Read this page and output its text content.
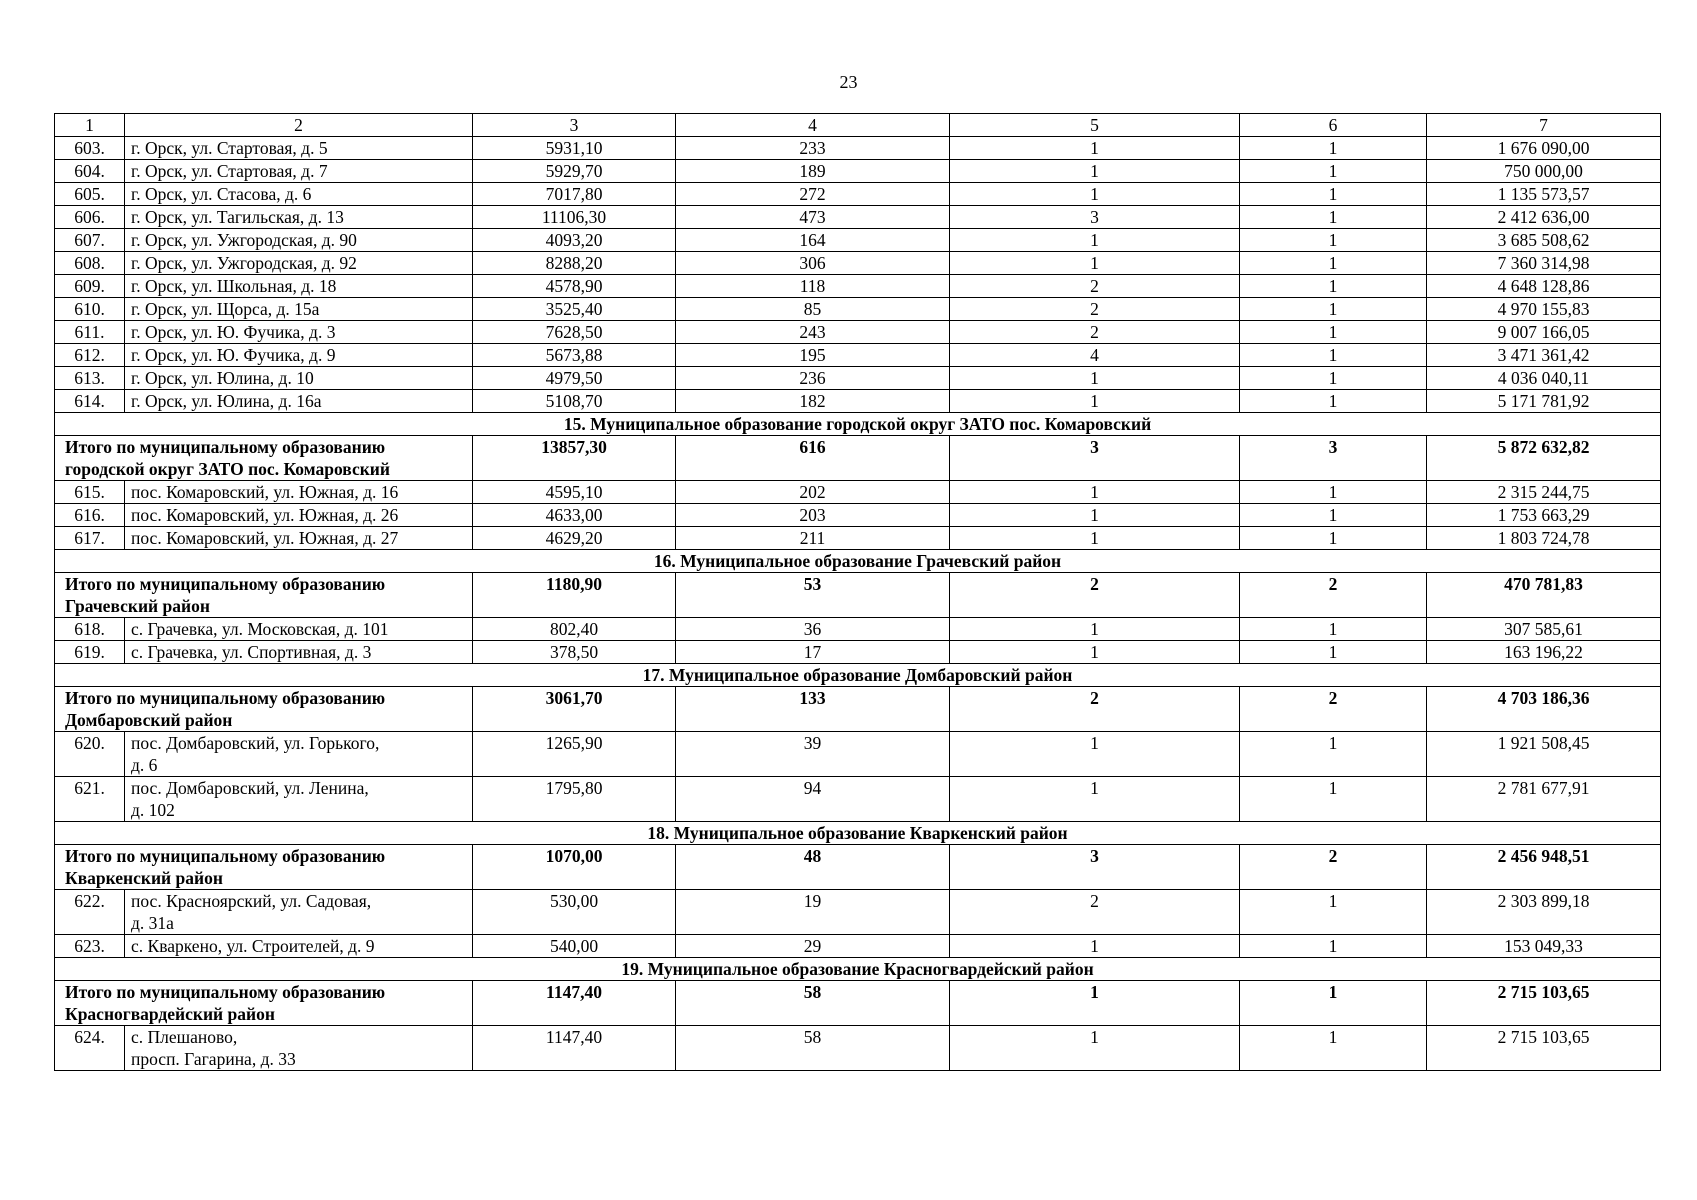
23
1	2	3	4	5	6	7
603.	г. Орск, ул. Стартовая, д. 5	5931,10	233	1	1	1 676 090,00
604.	г. Орск, ул. Стартовая, д. 7	5929,70	189	1	1	750 000,00
605.	г. Орск, ул. Стасова, д. 6	7017,80	272	1	1	1 135 573,57
606.	г. Орск, ул. Тагильская, д. 13	11106,30	473	3	1	2 412 636,00
607.	г. Орск, ул. Ужгородская, д. 90	4093,20	164	1	1	3 685 508,62
608.	г. Орск, ул. Ужгородская, д. 92	8288,20	306	1	1	7 360 314,98
609.	г. Орск, ул. Школьная, д. 18	4578,90	118	2	1	4 648 128,86
610.	г. Орск, ул. Щорса, д. 15а	3525,40	85	2	1	4 970 155,83
611.	г. Орск, ул. Ю. Фучика, д. 3	7628,50	243	2	1	9 007 166,05
612.	г. Орск, ул. Ю. Фучика, д. 9	5673,88	195	4	1	3 471 361,42
613.	г. Орск, ул. Юлина, д. 10	4979,50	236	1	1	4 036 040,11
614.	г. Орск, ул. Юлина, д. 16а	5108,70	182	1	1	5 171 781,92
15. Муниципальное образование городской округ ЗАТО пос. Комаровский						
Итого по муниципальному образованию городской округ ЗАТО пос. Комаровский		13857,30	616	3	3	5 872 632,82
615.	пос. Комаровский, ул. Южная, д. 16	4595,10	202	1	1	2 315 244,75
616.	пос. Комаровский, ул. Южная, д. 26	4633,00	203	1	1	1 753 663,29
617.	пос. Комаровский, ул. Южная, д. 27	4629,20	211	1	1	1 803 724,78
16. Муниципальное образование Грачевский район						
Итого по муниципальному образованию Грачевский район		1180,90	53	2	2	470 781,83
618.	с. Грачевка, ул. Московская, д. 101	802,40	36	1	1	307 585,61
619.	с. Грачевка, ул. Спортивная, д. 3	378,50	17	1	1	163 196,22
17. Муниципальное образование Домбаровский район						
Итого по муниципальному образованию Домбаровский район		3061,70	133	2	2	4 703 186,36
620.	пос. Домбаровский, ул. Горького,
д. 6	1265,90	39	1	1	1 921 508,45
621.	пос. Домбаровский, ул. Ленина,
д. 102	1795,80	94	1	1	2 781 677,91
18. Муниципальное образование Кваркенский район						
Итого по муниципальному образованию Кваркенский район		1070,00	48	3	2	2 456 948,51
622.	пос. Красноярский, ул. Садовая,
д. 31а	530,00	19	2	1	2 303 899,18
623.	с. Кваркено, ул. Строителей, д. 9	540,00	29	1	1	153 049,33
19. Муниципальное образование Красногвардейский район						
Итого по муниципальному образованию Красногвардейский район		1147,40	58	1	1	2 715 103,65
624.	с. Плешаново,
просп. Гагарина, д. 33	1147,40	58	1	1	2 715 103,65
